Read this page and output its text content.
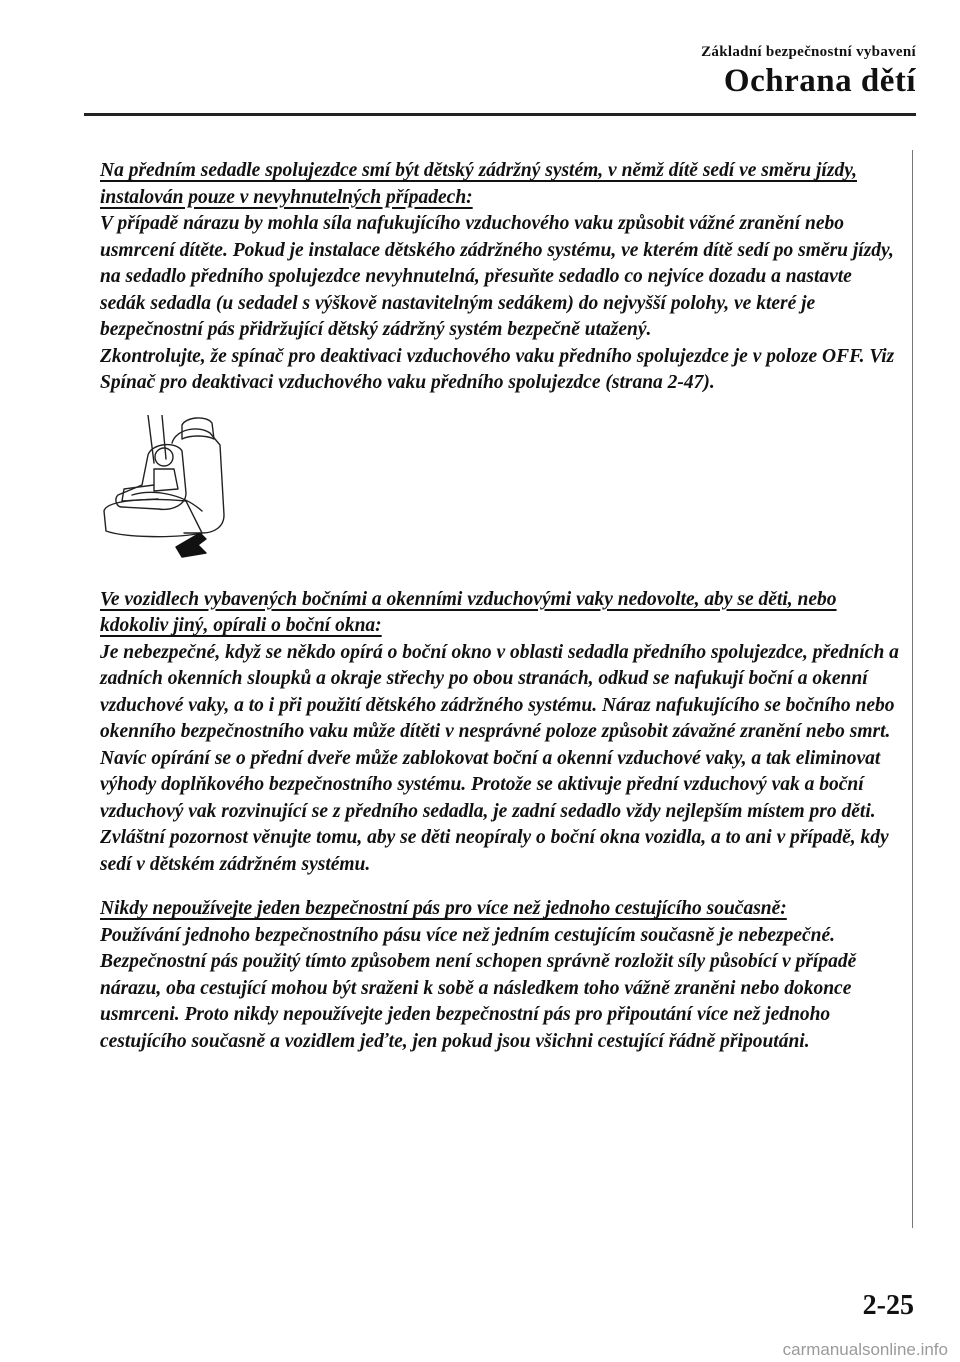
Základní bezpečnostní vybavení
Ochrana dětí
Na předním sedadle spolujezdce smí být dětský zádržný systém, v němž dítě sedí ve směru jízdy, instalován pouze v nevyhnutelných případech:

V případě nárazu by mohla síla nafukujícího vzduchového vaku způsobit vážné zranění nebo usmrcení dítěte. Pokud je instalace dětského zádržného systému, ve kterém dítě sedí po směru jízdy, na sedadlo předního spolujezdce nevyhnutelná, přesuňte sedadlo co nejvíce dozadu a nastavte sedák sedadla (u sedadel s výškově nastavitelným sedákem) do nejvyšší polohy, ve které je bezpečnostní pás přidržující dětský zádržný systém bezpečně utažený.

Zkontrolujte, že spínač pro deaktivaci vzduchového vaku předního spolujezdce je v poloze OFF. Viz Spínač pro deaktivaci vzduchového vaku předního spolujezdce (strana 2-47).

Ve vozidlech vybavených bočními a okenními vzduchovými vaky nedovolte, aby se děti, nebo kdokoliv jiný, opírali o boční okna:

Je nebezpečné, když se někdo opírá o boční okno v oblasti sedadla předního spolujezdce, předních a zadních okenních sloupků a okraje střechy po obou stranách, odkud se nafukují boční a okenní vzduchové vaky, a to i při použití dětského zádržného systému. Náraz nafukujícího se bočního nebo okenního bezpečnostního vaku může dítěti v nesprávné poloze způsobit závažné zranění nebo smrt. Navíc opírání se o přední dveře může zablokovat boční a okenní vzduchové vaky, a tak eliminovat výhody doplňkového bezpečnostního systému. Protože se aktivuje přední vzduchový vak a boční vzduchový vak rozvinující se z předního sedadla, je zadní sedadlo vždy nejlepším místem pro děti. Zvláštní pozornost věnujte tomu, aby se děti neopíraly o boční okna vozidla, a to ani v případě, kdy sedí v dětském zádržném systému.

Nikdy nepoužívejte jeden bezpečnostní pás pro více než jednoho cestujícího současně:

Používání jednoho bezpečnostního pásu více než jedním cestujícím současně je nebezpečné. Bezpečnostní pás použitý tímto způsobem není schopen správně rozložit síly působící v případě nárazu, oba cestující mohou být sraženi k sobě a následkem toho vážně zraněni nebo dokonce usmrceni. Proto nikdy nepoužívejte jeden bezpečnostní pás pro připoutání více než jednoho cestujícího současně a vozidlem jeďte, jen pokud jsou všichni cestující řádně připoutáni.

2-25
carmanualsonline.info
